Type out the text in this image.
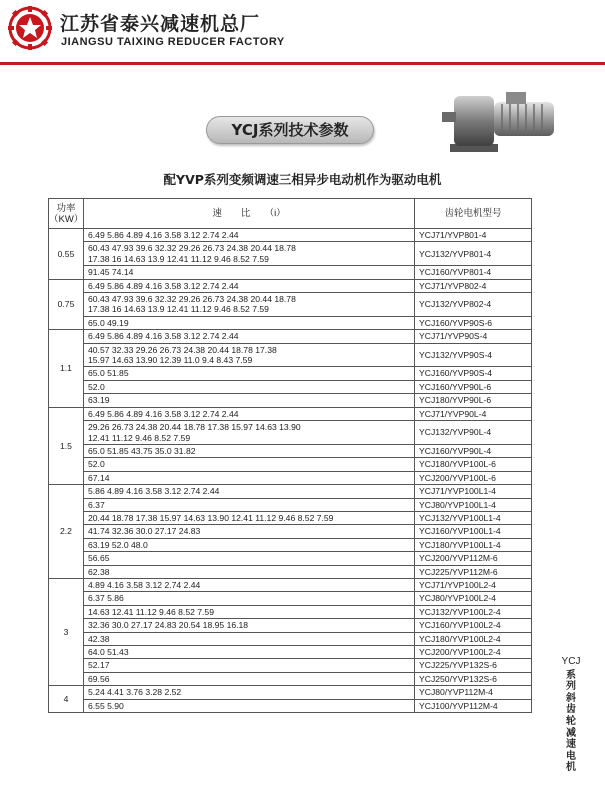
江苏省泰兴减速机总厂
JIANGSU TAIXING REDUCER FACTORY
YCJ系列技术参数
配YVP系列变频调速三相异步电动机作为驱动电机
功率
（KW）	速　　比　　（i）	齿轮电机型号
0.55	6.49 5.86 4.89 4.16 3.58 3.12 2.74 2.44	YCJ71/YVP801-4

	60.43 47.93 39.6 32.32 29.26 26.73 24.38 20.44 18.78
17.38 16 14.63 13.9 12.41 11.12 9.46 8.52 7.59	YCJ132/YVP801-4

	91.45 74.14	YCJ160/YVP801-4
0.75	6.49 5.86 4.89 4.16 3.58 3.12 2.74 2.44	YCJ71/YVP802-4

	60.43 47.93 39.6 32.32 29.26 26.73 24.38 20.44 18.78
17.38 16 14.63 13.9 12.41 11.12 9.46 8.52 7.59	YCJ132/YVP802-4

	65.0 49.19	YCJ160/YVP90S-6
1.1	6.49 5.86 4.89 4.16 3.58 3.12 2.74 2.44	YCJ71/YVP90S-4

	40.57 32.33 29.26 26.73 24.38 20.44 18.78 17.38
15.97 14.63 13.90 12.39 11.0 9.4 8.43 7.59	YCJ132/YVP90S-4

	65.0 51.85	YCJ160/YVP90S-4

	52.0	YCJ160/YVP90L-6

	63.19	YCJ180/YVP90L-6
1.5	6.49 5.86 4.89 4.16 3.58 3.12 2.74 2.44	YCJ71/YVP90L-4

	29.26 26.73 24.38 20.44 18.78 17.38 15.97 14.63 13.90
12.41 11.12 9.46 8.52 7.59	YCJ132/YVP90L-4

	65.0 51.85 43.75 35.0 31.82	YCJ160/YVP90L-4

	52.0	YCJ180/YVP100L-6

	67.14	YCJ200/YVP100L-6
2.2	5.86 4.89 4.16 3.58 3.12 2.74 2.44	YCJ71/YVP100L1-4

	6.37	YCJ80/YVP100L1-4

	20.44 18.78 17.38 15.97 14.63 13.90 12.41 11.12 9.46 8.52 7.59	YCJ132/YVP100L1-4

	41.74 32.36 30.0 27.17 24.83	YCJ160/YVP100L1-4

	63.19 52.0 48.0	YCJ180/YVP100L1-4

	56.65	YCJ200/YVP112M-6

	62.38	YCJ225/YVP112M-6
3	4.89 4.16 3.58 3.12 2.74 2.44	YCJ71/YVP100L2-4

	6.37 5.86	YCJ80/YVP100L2-4

	14.63 12.41 11.12 9.46 8.52 7.59	YCJ132/YVP100L2-4

	32.36 30.0 27.17 24.83 20.54 18.95 16.18	YCJ160/YVP100L2-4

	42.38	YCJ180/YVP100L2-4

	64.0 51.43	YCJ200/YVP100L2-4

	52.17	YCJ225/YVP132S-6

	69.56	YCJ250/YVP132S-6
4	5.24 4.41 3.76 3.28 2.52	YCJ80/YVP112M-4

	6.55 5.90	YCJ100/YVP112M-4
YCJ
系
列
斜
齿
轮
减
速
电
机
